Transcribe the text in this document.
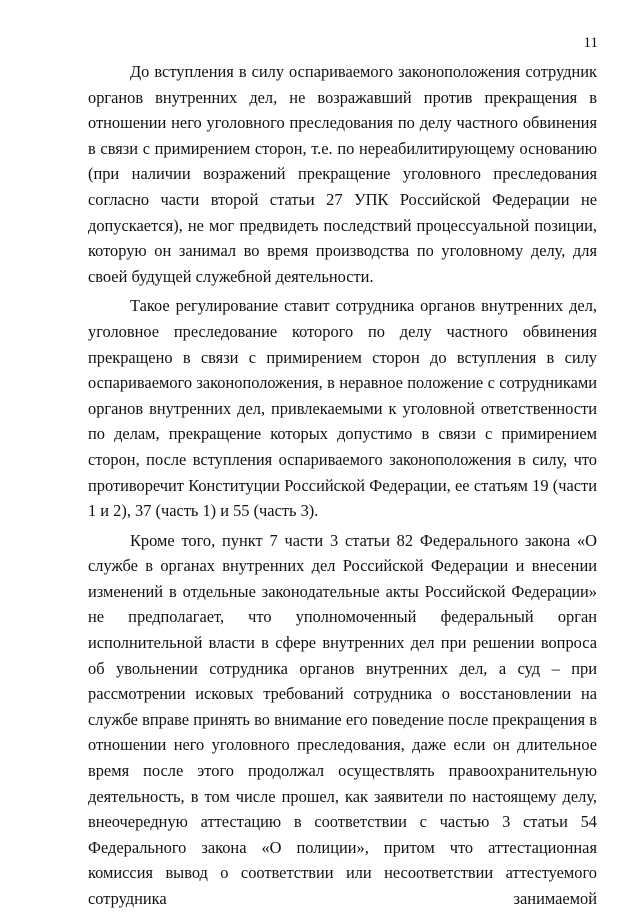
11

До вступления в силу оспариваемого законоположения сотрудник органов внутренних дел, не возражавший против прекращения в отношении него уголовного преследования по делу частного обвинения в связи с примирением сторон, т.е. по нереабилитирующему основанию (при наличии возражений прекращение уголовного преследования согласно части второй статьи 27 УПК Российской Федерации не допускается), не мог предвидеть последствий процессуальной позиции, которую он занимал во время производства по уголовному делу, для своей будущей служебной деятельности.

Такое регулирование ставит сотрудника органов внутренних дел, уголовное преследование которого по делу частного обвинения прекращено в связи с примирением сторон до вступления в силу оспариваемого законоположения, в неравное положение с сотрудниками органов внутренних дел, привлекаемыми к уголовной ответственности по делам, прекращение которых допустимо в связи с примирением сторон, после вступления оспариваемого законоположения в силу, что противоречит Конституции Российской Федерации, ее статьям 19 (части 1 и 2), 37 (часть 1) и 55 (часть 3).

Кроме того, пункт 7 части 3 статьи 82 Федерального закона «О службе в органах внутренних дел Российской Федерации и внесении изменений в отдельные законодательные акты Российской Федерации» не предполагает, что уполномоченный федеральный орган исполнительной власти в сфере внутренних дел при решении вопроса об увольнении сотрудника органов внутренних дел, а суд – при рассмотрении исковых требований сотрудника о восстановлении на службе вправе принять во внимание его поведение после прекращения в отношении него уголовного преследования, даже если он длительное время после этого продолжал осуществлять правоохранительную деятельность, в том числе прошел, как заявители по настоящему делу, внеочередную аттестацию в соответствии с частью 3 статьи 54 Федерального закона «О полиции», притом что аттестационная комиссия вывод о соответствии или несоответствии аттестуемого сотрудника занимаемой
